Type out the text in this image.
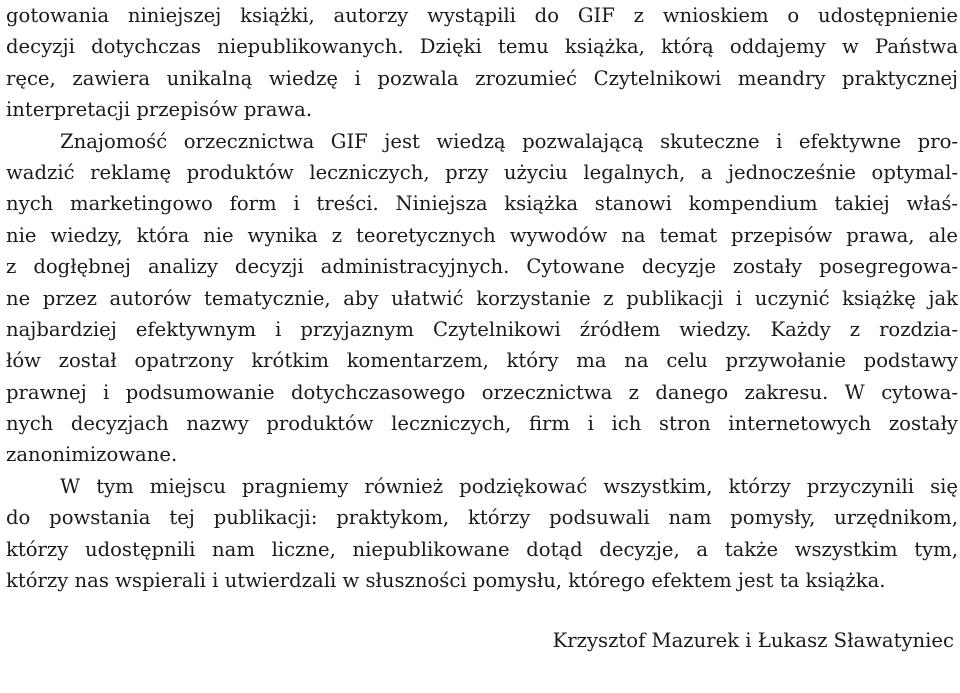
gotowania niniejszej książki, autorzy wystąpili do GIF z wnioskiem o udostępnienie
decyzji dotychczas niepublikowanych. Dzięki temu książka, którą oddajemy w Państwa
ręce, zawiera unikalną wiedzę i pozwala zrozumieć Czytelnikowi meandry praktycznej
interpretacji przepisów prawa.
Znajomość orzecznictwa GIF jest wiedzą pozwalającą skuteczne i efektywne pro-
wadzić reklamę produktów leczniczych, przy użyciu legalnych, a jednocześnie optymal-
nych marketingowo form i treści. Niniejsza książka stanowi kompendium takiej właś-
nie wiedzy, która nie wynika z teoretycznych wywodów na temat przepisów prawa, ale
z dogłębnej analizy decyzji administracyjnych. Cytowane decyzje zostały posegregowa-
ne przez autorów tematycznie, aby ułatwić korzystanie z publikacji i uczynić książkę jak
najbardziej efektywnym i przyjaznym Czytelnikowi źródłem wiedzy. Każdy z rozdzia-
łów został opatrzony krótkim komentarzem, który ma na celu przywołanie podstawy
prawnej i podsumowanie dotychczasowego orzecznictwa z danego zakresu. W cytowa-
nych decyzjach nazwy produktów leczniczych, firm i ich stron internetowych zostały
zanonimizowane.
W tym miejscu pragniemy również podziękować wszystkim, którzy przyczynili się
do powstania tej publikacji: praktykom, którzy podsuwali nam pomysły, urzędnikom,
którzy udostępnili nam liczne, niepublikowane dotąd decyzje, a także wszystkim tym,
którzy nas wspierali i utwierdzali w słuszności pomysłu, którego efektem jest ta książka.
Krzysztof Mazurek i Łukasz Sławatyniec
